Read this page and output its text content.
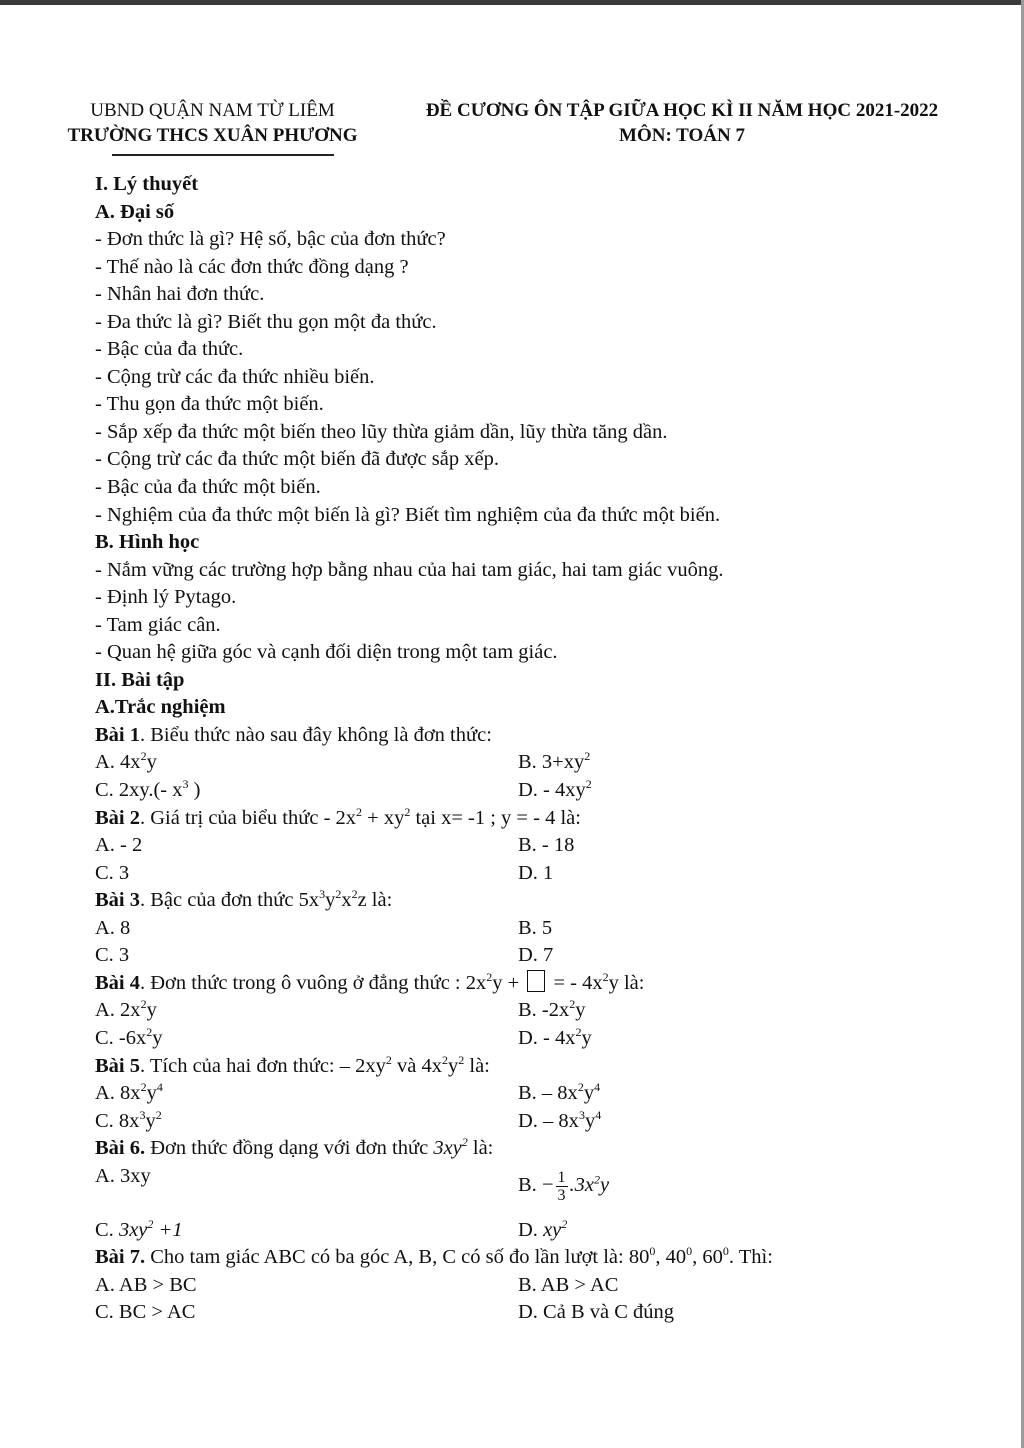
UBND QUẬN NAM TỪ LIÊM
TRƯỜNG THCS XUÂN PHƯƠNG
ĐỀ CƯƠNG ÔN TẬP GIỮA HỌC KÌ II NĂM HỌC 2021-2022
MÔN: TOÁN 7
I. Lý thuyết
A. Đại số
- Đơn thức là gì? Hệ số, bậc của đơn thức?
- Thế nào là các đơn thức đồng dạng ?
- Nhân hai đơn thức.
- Đa thức là gì? Biết thu gọn một đa thức.
- Bậc của đa thức.
- Cộng trừ các đa thức nhiều biến.
- Thu gọn đa thức một biến.
- Sắp xếp đa thức một biến theo lũy thừa giảm dần, lũy thừa tăng dần.
- Cộng trừ các đa thức một biến đã được sắp xếp.
- Bậc của đa thức một biến.
- Nghiệm của đa thức một biến là gì? Biết tìm nghiệm của đa thức một biến.
B. Hình học
- Nắm vững các trường hợp bằng nhau của hai tam giác, hai tam giác vuông.
- Định lý Pytago.
- Tam giác cân.
- Quan hệ giữa góc và cạnh đối diện trong một tam giác.
II. Bài tập
A.Trắc nghiệm
Bài 1. Biểu thức nào sau đây không là đơn thức:
A. $4x^2y$	B. $3+xy^2$
C. 2xy.(- $x^3$ )	D. - $4xy^2$
Bài 2. Giá trị của biểu thức - $2x^2 + xy^2$ tại x= -1 ; y = - 4 là:
A. - 2	B. - 18
C. 3	D. 1
Bài 3. Bậc của đơn thức $5x^3y^2x^2z$ là:
A. 8	B. 5
C. 3	D. 7
Bài 4. Đơn thức trong ô vuông ở đẳng thức : $2x^2y$ +  = - $4x^2y$ là:
A. $2x^2y$	B. $-2x^2y$
C. $-6x^2y$	D. - $4x^2y$
Bài 5. Tích của hai đơn thức: – $2xy^2$ và $4x^2y^2$ là:
A. $8x^2y^4$	B. – $8x^2y^4$
C. $8x^3y^2$	D. – $8x^3y^4$
Bài 6. Đơn thức đồng dạng với đơn thức $3xy^2$ là:
A. 3xy	B. − $\frac{1}{3} .3x^2y$
C. $3xy^2 +1$	D. $xy^2$
Bài 7. Cho tam giác ABC có ba góc A, B, C có số đo lần lượt là: $80^0$, $40^0$, $60^0$. Thì:
A. AB > BC	B. AB > AC
C. BC > AC	D. Cả B và C đúng
